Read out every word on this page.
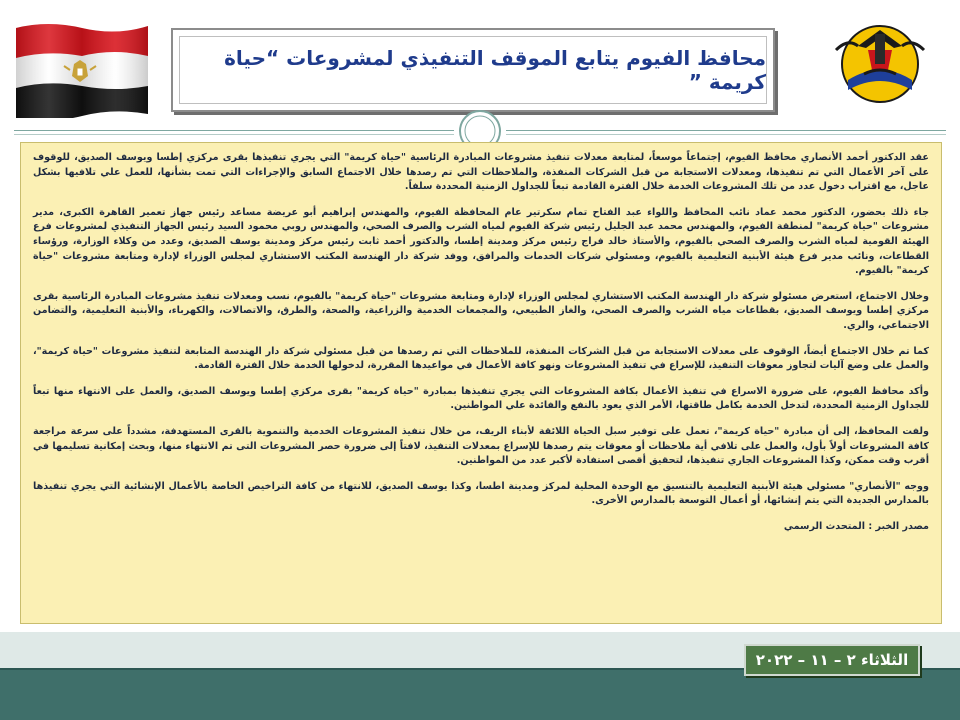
محافظ الفيوم يتابع الموقف التنفيذي لمشروعات “حياة كريمة ”

عقد الدكتور أحمد الأنصاري محافظ الفيوم، إجتماعاً موسعاً، لمتابعة معدلات تنفيذ مشروعات المبادرة الرئاسية "حياة كريمة" التي يجري تنفيذها بقرى مركزي إطسا ويوسف الصديق، للوقوف على آخر الأعمال التي تم تنفيذها، ومعدلات الاستجابة من قبل الشركات المنفذة، والملاحظات التي تم رصدها خلال الاجتماع السابق والإجراءات التي تمت بشأنها، للعمل علي تلافيها بشكل عاجل، مع اقتراب دخول عدد من تلك المشروعات الخدمة خلال الفترة القادمة تبعاً للجداول الزمنية المحددة سلفاً.

جاء ذلك بحضور، الدكتور محمد عماد نائب المحافظ واللواء عبد الفتاح تمام سكرتير عام المحافظة الفيوم، والمهندس إبراهيم أبو عريضة مساعد رئيس جهاز تعمير القاهرة الكبرى، مدير مشروعات "حياة كريمة" لمنطقة الفيوم، والمهندس محمد عبد الجليل رئيس شركة الفيوم لمياه الشرب والصرف الصحي، والمهندس روبي محمود السيد رئيس الجهاز التنفيذي لمشروعات فرع الهيئة القومية لمياه الشرب والصرف الصحي بالفيوم، والأستاذ خالد فراج رئيس مركز ومدينة إطسا، والدكتور أحمد ثابت رئيس مركز ومدينة يوسف الصديق، وعدد من وكلاء الوزارة، ورؤساء القطاعات، ونائب مدير فرع هيئة الأبنية التعليمية بالفيوم، ومسئولي شركات الخدمات والمرافق، ووفد شركة دار الهندسة المكتب الاستشاري لمجلس الوزراء لإدارة ومتابعة مشروعات "حياة كريمة" بالفيوم.

وخلال الاجتماع، استعرض مسئولو شركة دار الهندسة المكتب الاستشاري لمجلس الوزراء لإدارة ومتابعة مشروعات "حياة كريمة" بالفيوم، نسب ومعدلات تنفيذ مشروعات المبادرة الرئاسية بقرى مركزي إطسا ويوسف الصديق، بقطاعات مياه الشرب والصرف الصحي، والغاز الطبيعي، والمجمعات الخدمية والزراعية، والصحة، والطرق، والاتصالات، والكهرباء، والأبنية التعليمية، والتضامن الاجتماعي، والري.

كما تم خلال الاجتماع أيضاً، الوقوف على معدلات الاستجابة من قبل الشركات المنفذة، للملاحظات التي تم رصدها من قبل مسئولي شركة دار الهندسة المتابعة لتنفيذ مشروعات "حياة كريمة"، والعمل على وضع آليات لتجاوز معوقات التنفيذ، للإسراع في تنفيذ المشروعات ونهو كافة الأعمال في مواعيدها المقررة، لدخولها الخدمة خلال الفترة القادمة.

وأكد محافظ الفيوم، على ضرورة الاسراع في تنفيذ الأعمال بكافة المشروعات التي يجري تنفيذها بمبادرة "حياة كريمة" بقرى مركزي إطسا ويوسف الصديق، والعمل على الانتهاء منها تبعاً للجداول الزمنية المحددة، لتدخل الخدمة بكامل طاقتها، الأمر الذي يعود بالنفع والفائدة علي المواطنين.

ولفت المحافظ، إلى أن مبادرة "حياة كريمة"، تعمل على توفير سبل الحياة اللائقة لأبناء الريف، من خلال تنفيذ المشروعات الخدمية والتنموية بالقرى المستهدفة، مشدداً على سرعة مراجعة كافة المشروعات أولاً بأول، والعمل على تلافي أية ملاحظات أو معوقات يتم رصدها للإسراع بمعدلات التنفيذ، لافتاً إلى ضرورة حصر المشروعات التى تم الانتهاء منها، وبحث إمكانية تسليمها في أقرب وقت ممكن، وكذا المشروعات الجاري تنفيذها، لتحقيق أقصى استفادة لأكبر عدد من المواطنين.

ووجه "الأنصاري" مسئولي هيئة الأبنية التعليمية بالتنسيق مع الوحدة المحلية لمركز ومدينة اطسا، وكذا يوسف الصديق، للانتهاء من كافة التراخيص الخاصة بالأعمال الإنشائية التي يجري تنفيذها بالمدارس الجديدة التي يتم إنشائها، أو أعمال التوسعة بالمدارس الأخرى.

مصدر الخبر : المتحدث الرسمي

الثلاثاء ٢ – ١١ – ٢٠٢٢
